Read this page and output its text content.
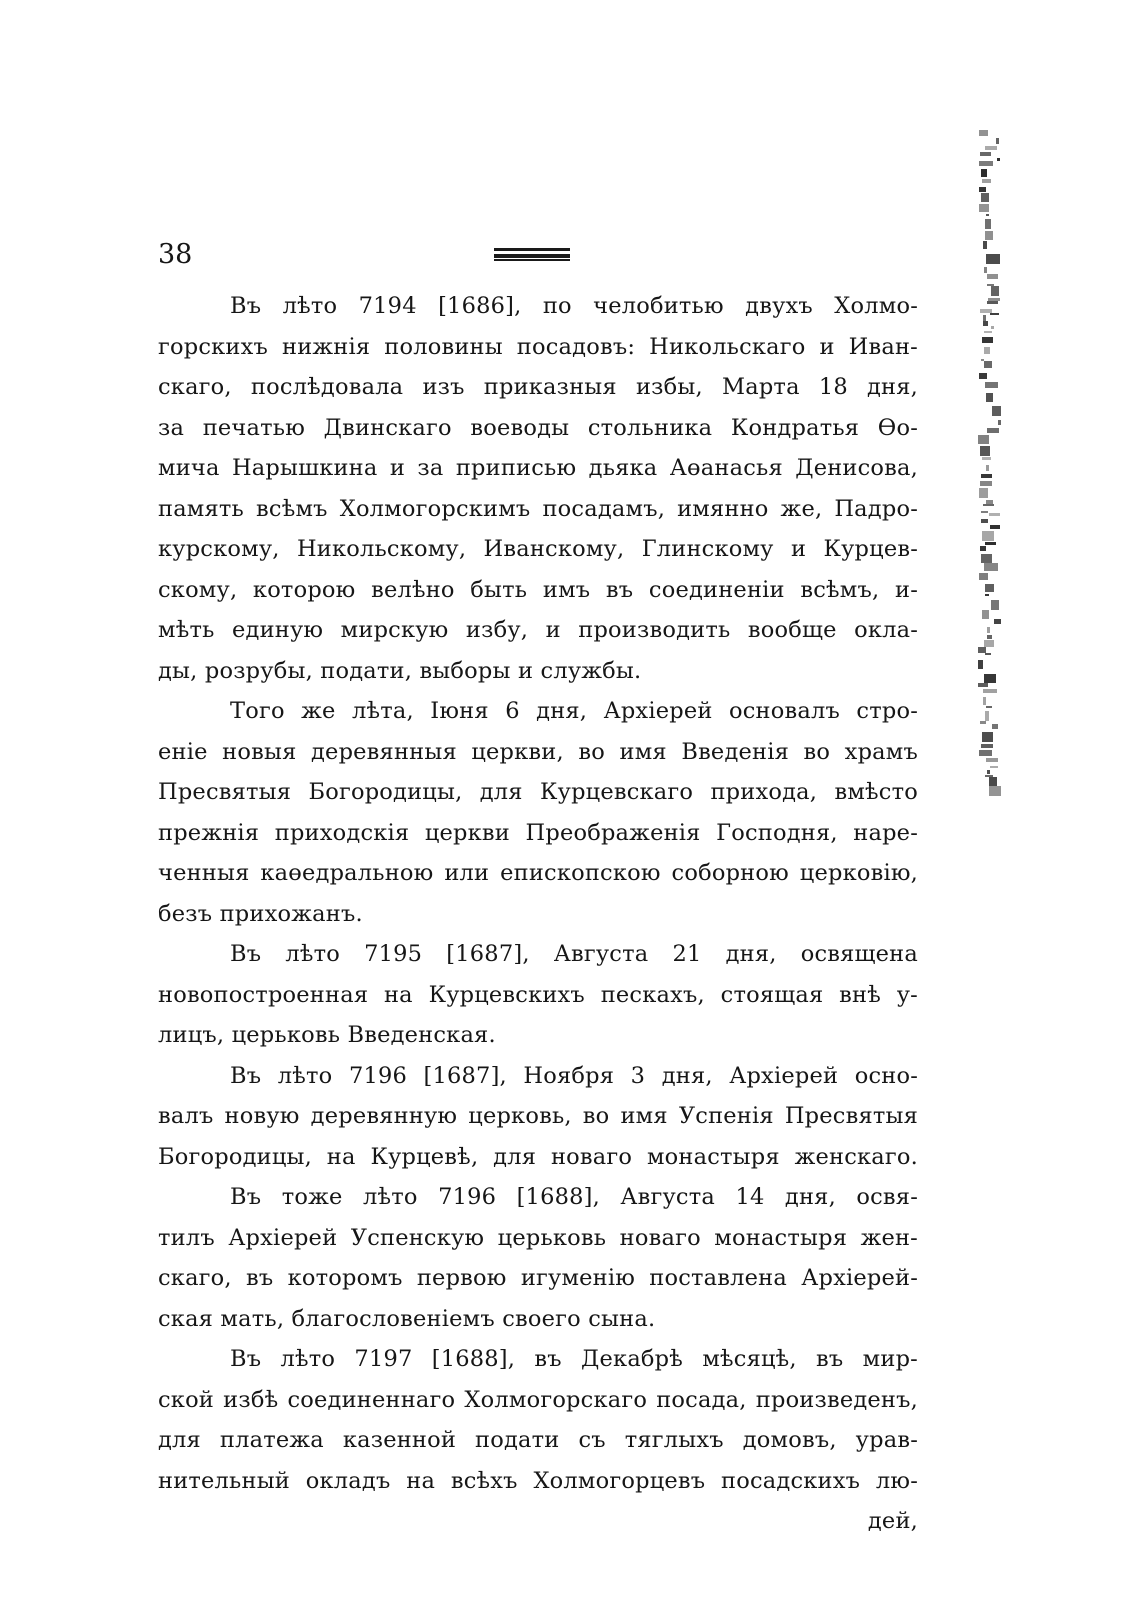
38
Въ лѣто 7194 [1686], по челобитью двухъ Холмо-
горскихъ нижнія половины посадовъ: Никольскаго и Иван-
скаго, послѣдовала изъ приказныя избы, Марта 18 дня,
за печатью Двинскаго воеводы стольника Кондратья Өо-
мича Нарышкина и за приписью дьяка Аөанасья Денисова,
память всѣмъ Холмогорскимъ посадамъ, имянно же, Падро-
курскому, Никольскому, Иванскому, Глинскому и Курцев-
скому, которою велѣно быть имъ въ соединеніи всѣмъ, и-
мѣть единую мирскую избу, и производить вообще окла-
ды, розрубы, подати, выборы и службы.
Того же лѣта, Іюня 6 дня, Архіерей основалъ стро-
еніе новыя деревянныя церкви, во имя Введенія во храмъ
Пресвятыя Богородицы, для Курцевскаго прихода, вмѣсто
прежнія приходскія церкви Преображенія Господня, нарe-
ченныя каөедральною или епископскою соборною церковію,
безъ прихожанъ.
Въ лѣто 7195 [1687], Августа 21 дня, освящена
новопостроенная на Курцевскихъ пескахъ, стоящая внѣ у-
лицъ, церьковь Введенская.
Въ лѣто 7196 [1687], Ноября 3 дня, Архіерей осно-
валъ новую деревянную церковь, во имя Успенія Пресвятыя
Богородицы, на Курцевѣ, для новаго монастыря женскаго.
Въ тоже лѣто 7196 [1688], Августа 14 дня, освя-
тилъ Архіерей Успенскую церьковь новаго монастыря жен-
скаго, въ которомъ первою игуменію поставлена Архіерей-
ская мать, благословеніемъ своего сына.
Въ лѣто 7197 [1688], въ Декабрѣ мѣсяцѣ, въ мир-
ской избѣ соединеннаго Холмогорскаго посада, произведенъ,
для платежа казенной подати съ тяглыхъ домовъ, урав-
нительный окладъ на всѣхъ Холмогорцевъ посадскихъ лю-
дей,
